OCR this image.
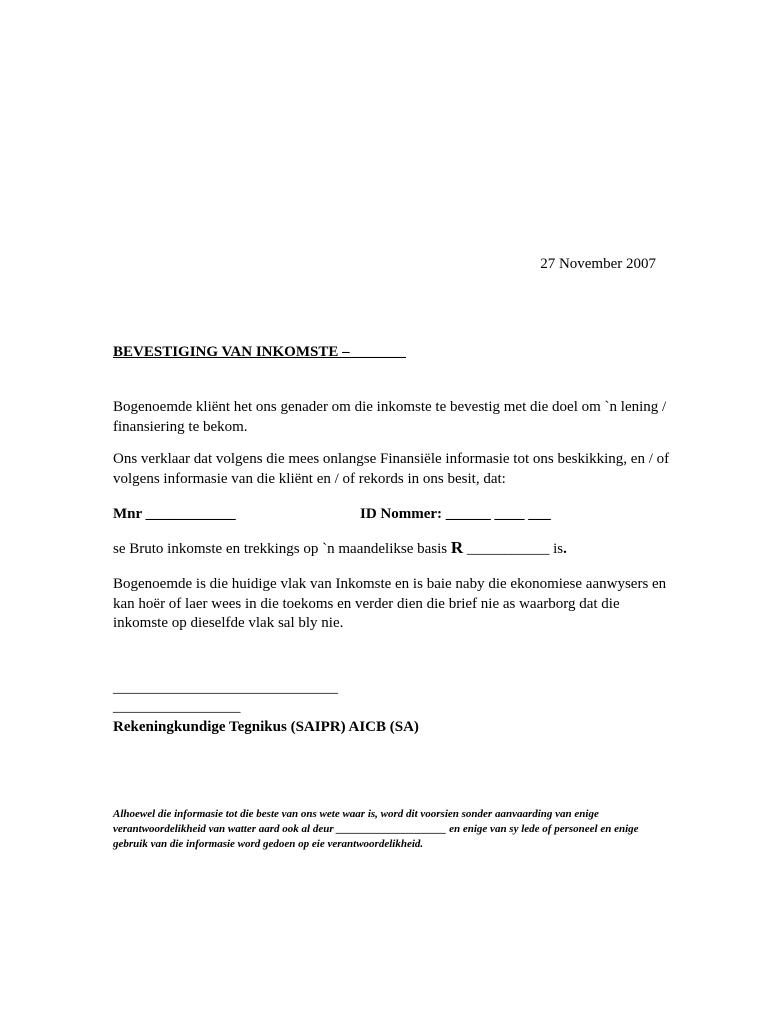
27 November 2007
BEVESTIGING VAN INKOMSTE – _______
Bogenoemde kliënt het ons genader om die inkomste te bevestig met die doel om `n lening / finansiering te bekom.
Ons verklaar dat volgens die mees onlangse Finansiële informasie tot ons beskikking, en / of volgens informasie van die kliënt en / of rekords in ons besit, dat:
Mnr ____________	ID Nommer: ______ ____ ___
se Bruto inkomste en trekkings op `n maandelikse basis R ___________ is.
Bogenoemde is die huidige vlak van Inkomste en is baie naby die ekonomiese aanwysers en kan hoër of laer wees in die toekoms en verder dien die brief nie as waarborg dat die inkomste op dieselfde vlak sal bly nie.
______________________________
_________________
Rekeningkundige Tegnikus (SAIPR) AICB (SA)
Alhoewel die informasie tot die beste van ons wete waar is, word dit voorsien sonder aanvaarding van enige verantwoordelikheid van watter aard ook al deur ____________________ en enige van sy lede of personeel en enige gebruik van die informasie word gedoen op eie verantwoordelikheid.
